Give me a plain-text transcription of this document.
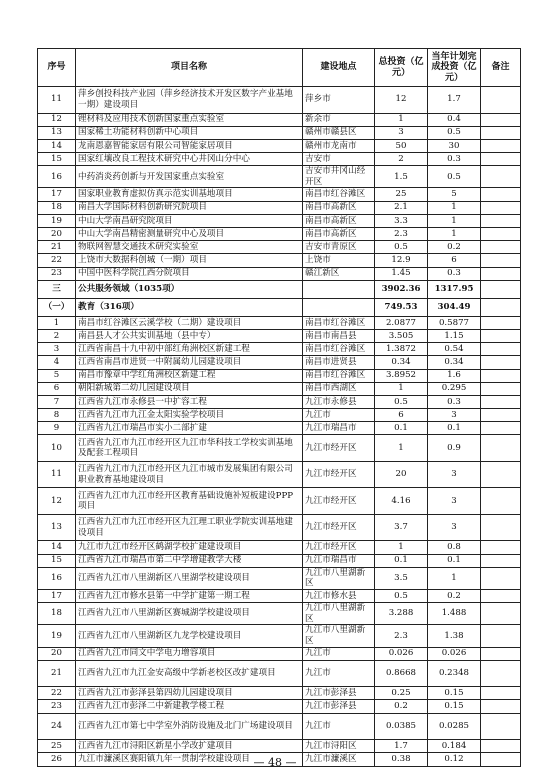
序号	项目名称	建设地点	总投资（亿元）	当年计划完成投资（亿元）	备注
11	萍乡创投科技产业园（萍乡经济技术开发区数字产业基地一期）建设项目	萍乡市	12	1.7	
12	锂材料及应用技术创新国家重点实验室	新余市	1	0.4	
13	国家稀土功能材料创新中心项目	赣州市赣县区	3	0.5	
14	龙南恩嘉智能家居有限公司智能家居项目	赣州市龙南市	50	30	
15	国家红壤改良工程技术研究中心井冈山分中心	吉安市	2	0.3	
16	中药消炎药创新与开发国家重点实验室	吉安市井冈山经开区	1.5	0.5	
17	国家职业教育虚拟仿真示范实训基地项目	南昌市红谷滩区	25	5	
18	南昌大学国际材料创新研究院项目	南昌市高新区	2.1	1	
19	中山大学南昌研究院项目	南昌市高新区	3.3	1	
20	中山大学南昌精密测量研究中心及项目	南昌市高新区	2.3	1	
21	物联网智慧交通技术研究实验室	吉安市青原区	0.5	0.2	
22	上饶市大数据科创城（一期）项目	上饶市	12.9	6	
23	中国中医科学院江西分院项目	赣江新区	1.45	0.3	
三	公共服务领域（1035项）		3902.36	1317.95	
（一）	教育（316项）		749.53	304.49	
1	南昌市红谷滩区云溪学校（二期）建设项目	南昌市红谷滩区	2.0877	0.5877	
2	南昌县人才公共实训基地（县中专）	南昌市南昌县	3.505	1.15	
3	江西省南昌十九中初中部红角洲校区新建工程	南昌市红谷滩区	1.3872	0.54	
4	江西省南昌市进贤一中附属幼儿园建设项目	南昌市进贤县	0.34	0.34	
5	南昌市豫章中学红角洲校区新建工程	南昌市红谷滩区	3.8952	1.6	
6	朝阳新城第二幼儿园建设项目	南昌市西湖区	1	0.295	
7	江西省九江市永修县一中扩容工程	九江市永修县	0.5	0.3	
8	江西省九江市九江金太阳实验学校项目	九江市	6	3	
9	江西省九江市瑞昌市实小二部扩建	九江市瑞昌市	0.1	0.1	
10	江西省九江市九江市经开区九江市华科技工学校实训基地及配套工程项目	九江市经开区	1	0.9	
11	江西省九江市九江市经开区九江市城市发展集团有限公司职业教育基地建设项目	九江市经开区	20	3	
12	江西省九江市九江市经开区教育基础设施补短板建设PPP项目	九江市经开区	4.16	3	
13	江西省九江市九江市经开区九江理工职业学院实训基地建设项目	九江市经开区	3.7	3	
14	九江市九江市经开区鹤湖学校扩建建设项目	九江市经开区	1	0.8	
15	江西省九江市瑞昌市第二中学增建教学大楼	九江市瑞昌市	0.1	0.1	
16	江西省九江市八里湖新区八里湖学校建设项目	九江市八里湖新区	3.5	1	
17	江西省九江市修水县第一中学扩建第一期工程	九江市修水县	0.5	0.2	
18	江西省九江市八里湖新区赛城湖学校建设项目	九江市八里湖新区	3.288	1.488	
19	江西省九江市八里湖新区九龙学校建设项目	九江市八里湖新区	2.3	1.38	
20	江西省九江市同文中学电力增容项目	九江市	0.026	0.026	
21	江西省九江市九江金安高级中学新老校区改扩建项目	九江市	0.8668	0.2348	
22	江西省九江市彭泽县第四幼儿园建设项目	九江市彭泽县	0.25	0.15	
23	江西省九江市彭泽二中新建教学楼工程	九江市彭泽县	0.2	0.15	
24	江西省九江市第七中学室外消防设施及北门广场建设项目	九江市	0.0385	0.0285	
25	江西省九江市浔阳区新星小学改扩建项目	九江市浔阳区	1.7	0.184	
26	九江市濂溪区赛阳镇九年一贯制学校建设项目	九江市濂溪区	0.38	0.12	
— 48 —
